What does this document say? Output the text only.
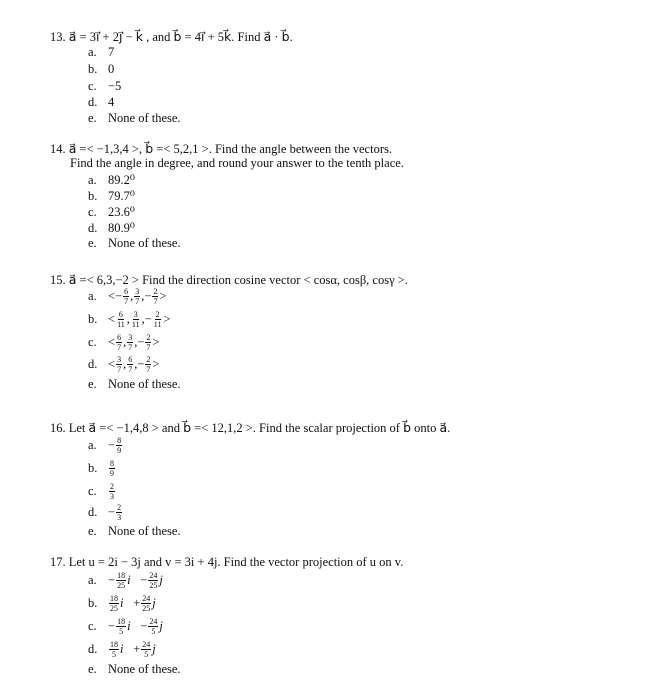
13. a⃗ = 3i⃗ + 2j⃗ − k⃗ , and b⃗ = 4i⃗ + 5k⃗. Find a⃗ · b⃗.
a. 7
b. 0
c. −5
d. 4
e. None of these.
14. a⃗ =< −1,3,4 >, b⃗ =< 5,2,1 >. Find the angle between the vectors.
Find the angle in degree, and round your answer to the tenth place.
a. 89.2⁰
b. 79.7⁰
c. 23.6⁰
d. 80.9⁰
e. None of these.
15. a⃗ =< 6,3,−2 > Find the direction cosine vector < cosα, cosβ, cosγ >.
a. < − $\frac{6}{7}$ , $\frac{3}{7}$ , − $\frac{2}{7}$ >
b. < $\frac{6}{11}$ , $\frac{3}{11}$ , − $\frac{2}{11}$ >
c. < $\frac{6}{7}$ , $\frac{3}{7}$ , − $\frac{2}{7}$ >
d. < $\frac{3}{7}$ , $\frac{6}{7}$ , − $\frac{2}{7}$ >
e. None of these.
16. Let a⃗ =< −1,4,8 > and b⃗ =< 12,1,2 >. Find the scalar projection of b⃗ onto a⃗.
a. − $\frac{8}{9}$
b.	$\frac{8}{9}$
c.	$\frac{2}{3}$
d. − $\frac{2}{3}$
e. None of these.
17. Let u = 2i − 3j and v = 3i + 4j. Find the vector projection of u on v.
a. − $\frac{18}{25}$ i⃗ − $\frac{24}{25}$ j⃗
b.	$\frac{18}{25}$ i⃗ + $\frac{24}{25}$ j⃗
c. − $\frac{18}{5}$ i⃗ − $\frac{24}{5}$ j⃗
d.	$\frac{18}{5}$ i⃗ + $\frac{24}{5}$ j⃗
e. None of these.
